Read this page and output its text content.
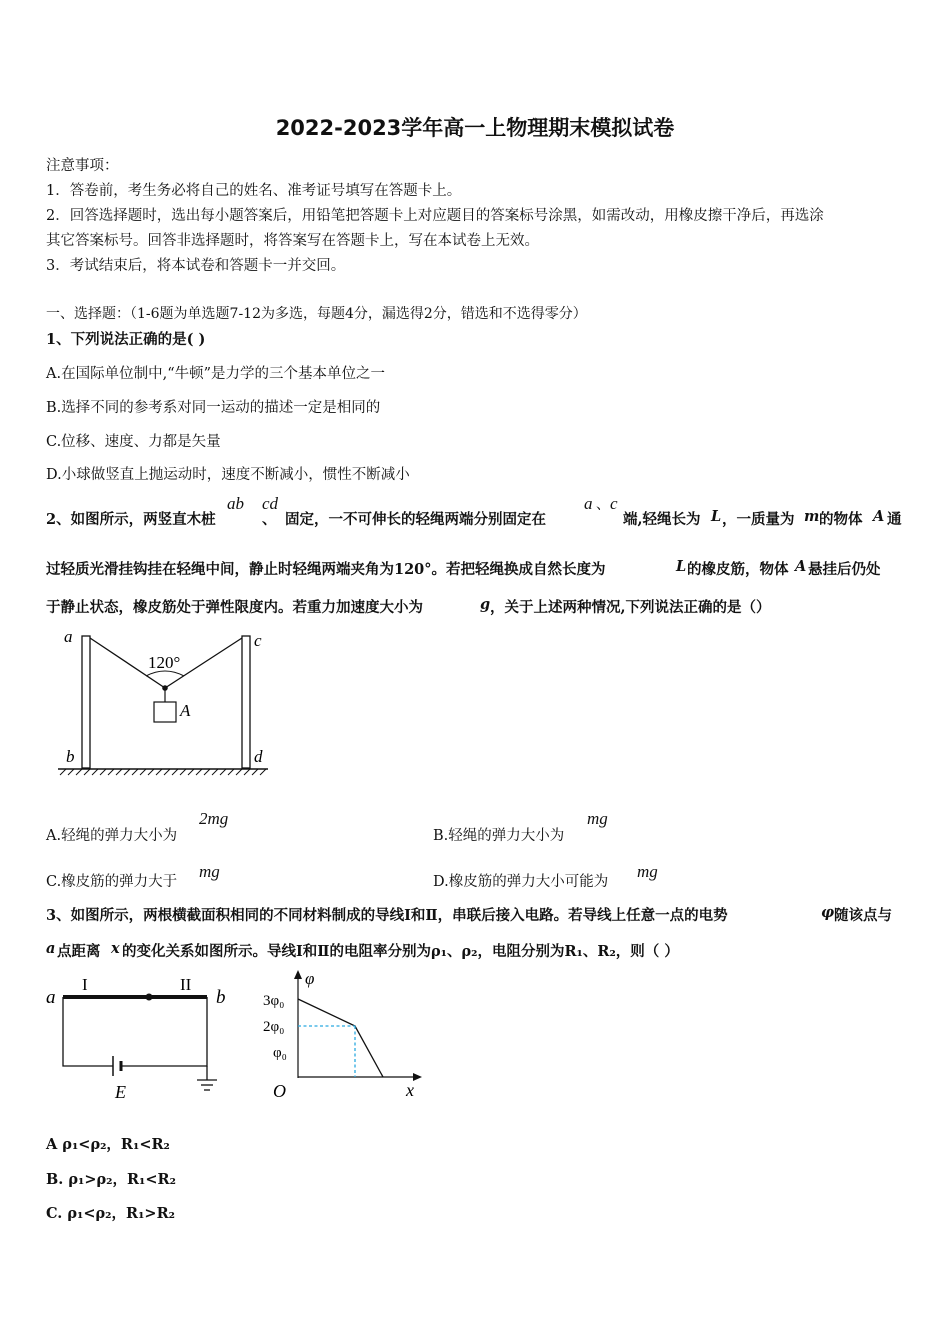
2022-2023学年高一上物理期末模拟试卷
注意事项：
1．答卷前，考生务必将自己的姓名、准考证号填写在答题卡上。
2．回答选择题时，选出每小题答案后，用铅笔把答题卡上对应题目的答案标号涂黑，如需改动，用橡皮擦干净后，再选涂
其它答案标号。回答非选择题时，将答案写在答题卡上，写在本试卷上无效。
3．考试结束后，将本试卷和答题卡一并交回。
一、选择题：（1-6题为单选题7-12为多选，每题4分，漏选得2分，错选和不选得零分）
1、下列说法正确的是( )
A.在国际单位制中,“牛顿”是力学的三个基本单位之一
B.选择不同的参考系对同一运动的描述一定是相同的
C.位移、速度、力都是矢量
D.小球做竖直上抛运动时，速度不断减小，惯性不断减小
2、如图所示，两竖直木桩
ab
、
cd
固定，一不可伸长的轻绳两端分别固定在
a 、 c
端,轻绳长为 L ，一质量为 m 的物体 A 通
过轻质光滑挂钩挂在轻绳中间，静止时轻绳两端夹角为120°。若把轻绳换成自然长度为	L 的橡皮筋，物体 A 悬挂后仍处
于静止状态，橡皮筋处于弹性限度内。若重力加速度大小为	g ，关于上述两种情况,下列说法正确的是（）
a
b
c
d
120°
A
A.轻绳的弹力大小为
2mg
B.轻绳的弹力大小为
mg
C.橡皮筋的弹力大于
mg
D.橡皮筋的弹力大小可能为
mg
3、如图所示，两根横截面积相同的不同材料制成的导线Ⅰ和Ⅱ，串联后接入电路。若导线上任意一点的电势	φ 随该点与
a 点距离 x 的变化关系如图所示。导线Ⅰ和Ⅱ的电阻率分别为ρ₁、ρ₂，电阻分别为R₁、R₂，则（ ）
a	b
I	II
E
φ
x
O
3φ₀
2φ₀
φ₀
A ρ₁<ρ₂，R₁<R₂
B. ρ₁>ρ₂，R₁<R₂
C. ρ₁<ρ₂，R₁>R₂
